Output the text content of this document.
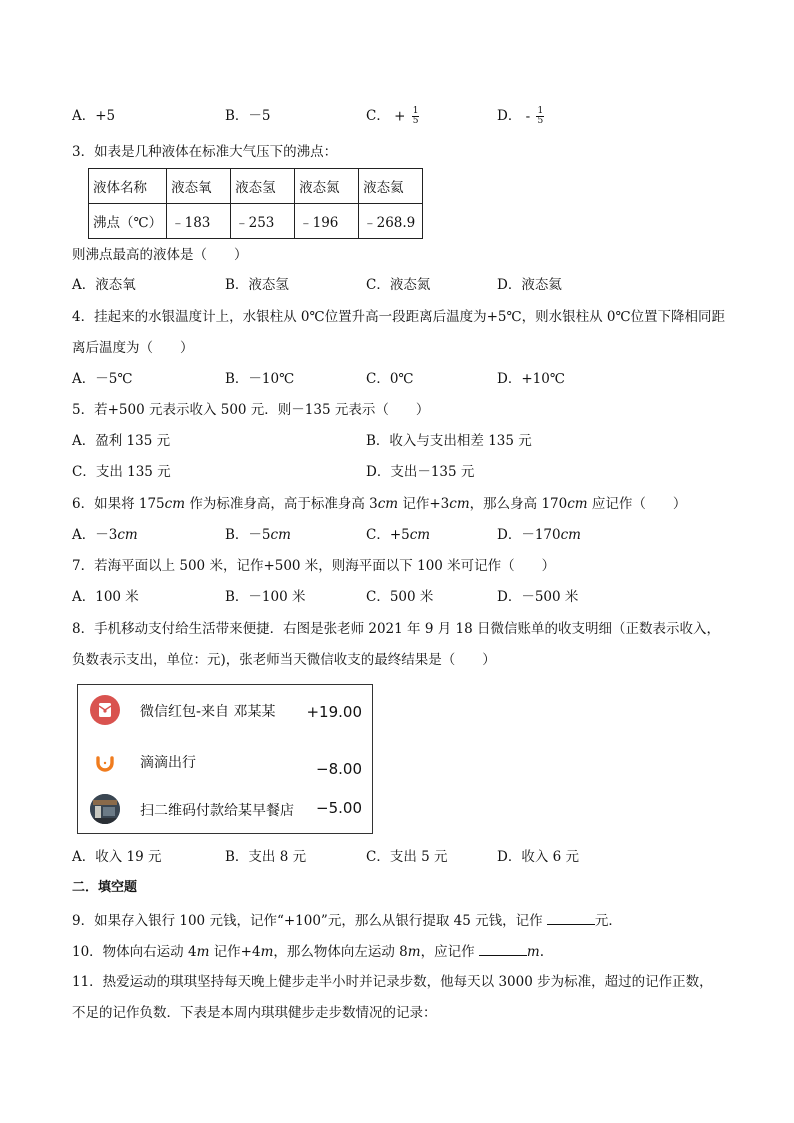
A．+5	B．－5	C． + $\frac{1}{5}$	D． - $\frac{1}{5}$
3．如表是几种液体在标准大气压下的沸点：
液体名称	液态氧	液态氢	液态氮	液态氦
沸点（℃）	﹣183	﹣253	﹣196	﹣268.9
则沸点最高的液体是（　　）
A．液态氧	B．液态氢	C．液态氮	D．液态氦
4．挂起来的水银温度计上，水银柱从 0℃位置升高一段距离后温度为+5℃，则水银柱从 0℃位置下降相同距
离后温度为（　　）
A．－5℃	B．－10℃	C．0℃	D．+10℃
5．若+500 元表示收入 500 元．则－135 元表示（　　）
A．盈利 135 元	B．收入与支出相差 135 元
C．支出 135 元	D．支出－135 元
6．如果将 175cm 作为标准身高，高于标准身高 3cm 记作+3cm，那么身高 170cm 应记作（　　）
A．－3cm	B．－5cm	C．+5cm	D．－170cm
7．若海平面以上 500 米，记作+500 米，则海平面以下 100 米可记作（　　）
A．100 米	B．－100 米	C．500 米	D．－500 米
8．手机移动支付给生活带来便捷．右图是张老师 2021 年 9 月 18 日微信账单的收支明细（正数表示收入，
负数表示支出，单位：元)，张老师当天微信收支的最终结果是（　　）
微信红包-来自 邓某某 +19.00
滴滴出行	−8.00
扫二维码付款给某早餐店 −5.00
A．收入 19 元	B．支出 8 元	C．支出 5 元	D．收入 6 元
二．填空题
9．如果存入银行 100 元钱，记作“+100”元，那么从银行提取 45 元钱，记作	元．
10．物体向右运动 4m 记作+4m，那么物体向左运动 8m，应记作	m.
11．热爱运动的琪琪坚持每天晚上健步走半小时并记录步数，他每天以 3000 步为标准，超过的记作正数，
不足的记作负数．下表是本周内琪琪健步走步数情况的记录：
